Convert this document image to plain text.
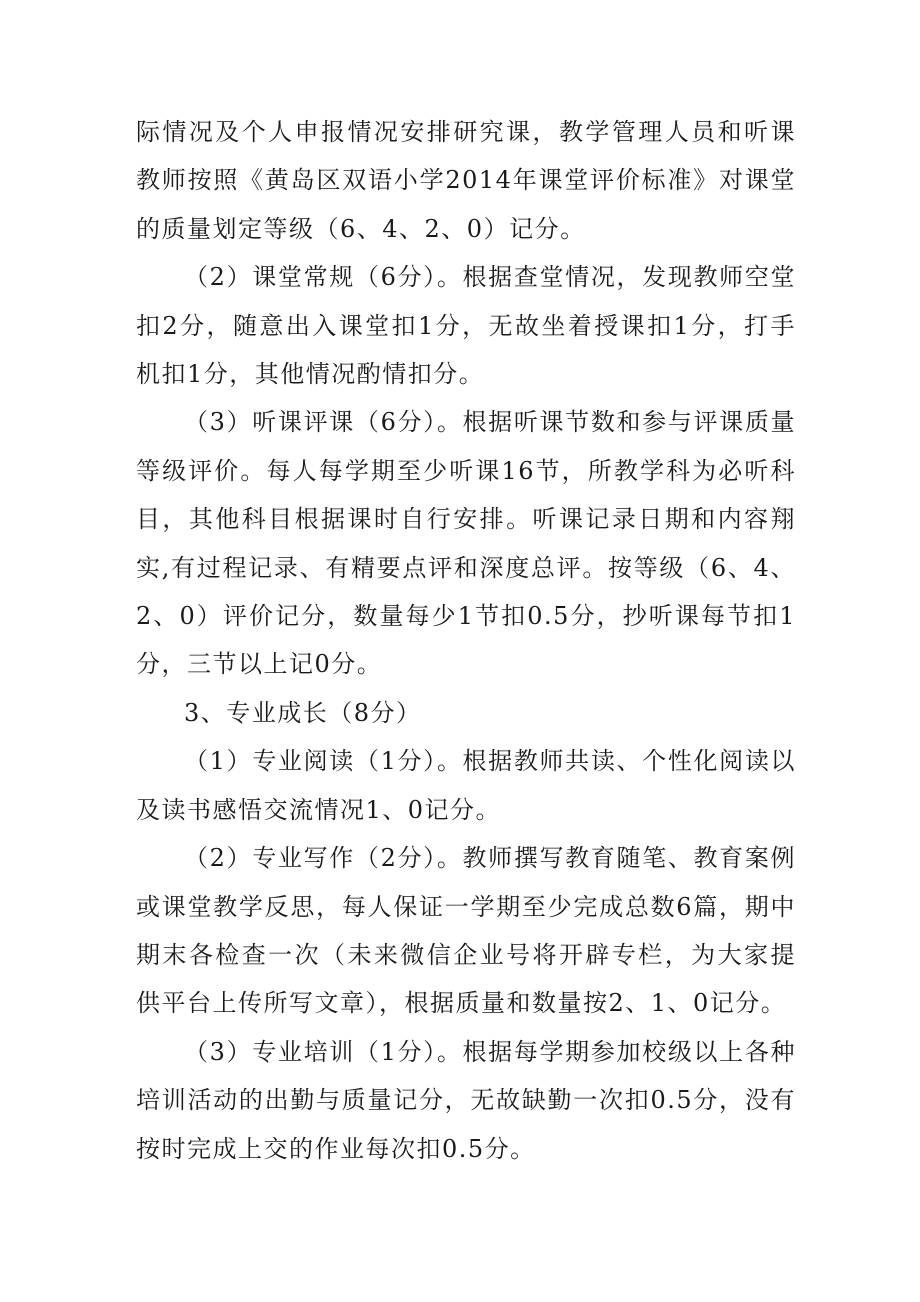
际情况及个人申报情况安排研究课，教学管理人员和听课教师按照《黄岛区双语小学2014年课堂评价标准》对课堂的质量划定等级（6、4、2、0）记分。

（2）课堂常规（6分）。根据查堂情况，发现教师空堂扣2分，随意出入课堂扣1分，无故坐着授课扣1分，打手机扣1分，其他情况酌情扣分。

（3）听课评课（6分）。根据听课节数和参与评课质量等级评价。每人每学期至少听课16节，所教学科为必听科目，其他科目根据课时自行安排。听课记录日期和内容翔实,有过程记录、有精要点评和深度总评。按等级（6、4、2、0）评价记分，数量每少1节扣0.5分，抄听课每节扣1分，三节以上记0分。

3、专业成长（8分）

（1）专业阅读（1分）。根据教师共读、个性化阅读以及读书感悟交流情况1、0记分。

（2）专业写作（2分）。教师撰写教育随笔、教育案例或课堂教学反思，每人保证一学期至少完成总数6篇，期中期末各检查一次（未来微信企业号将开辟专栏，为大家提供平台上传所写文章），根据质量和数量按2、1、0记分。

（3）专业培训（1分）。根据每学期参加校级以上各种培训活动的出勤与质量记分，无故缺勤一次扣0.5分，没有按时完成上交的作业每次扣0.5分。
